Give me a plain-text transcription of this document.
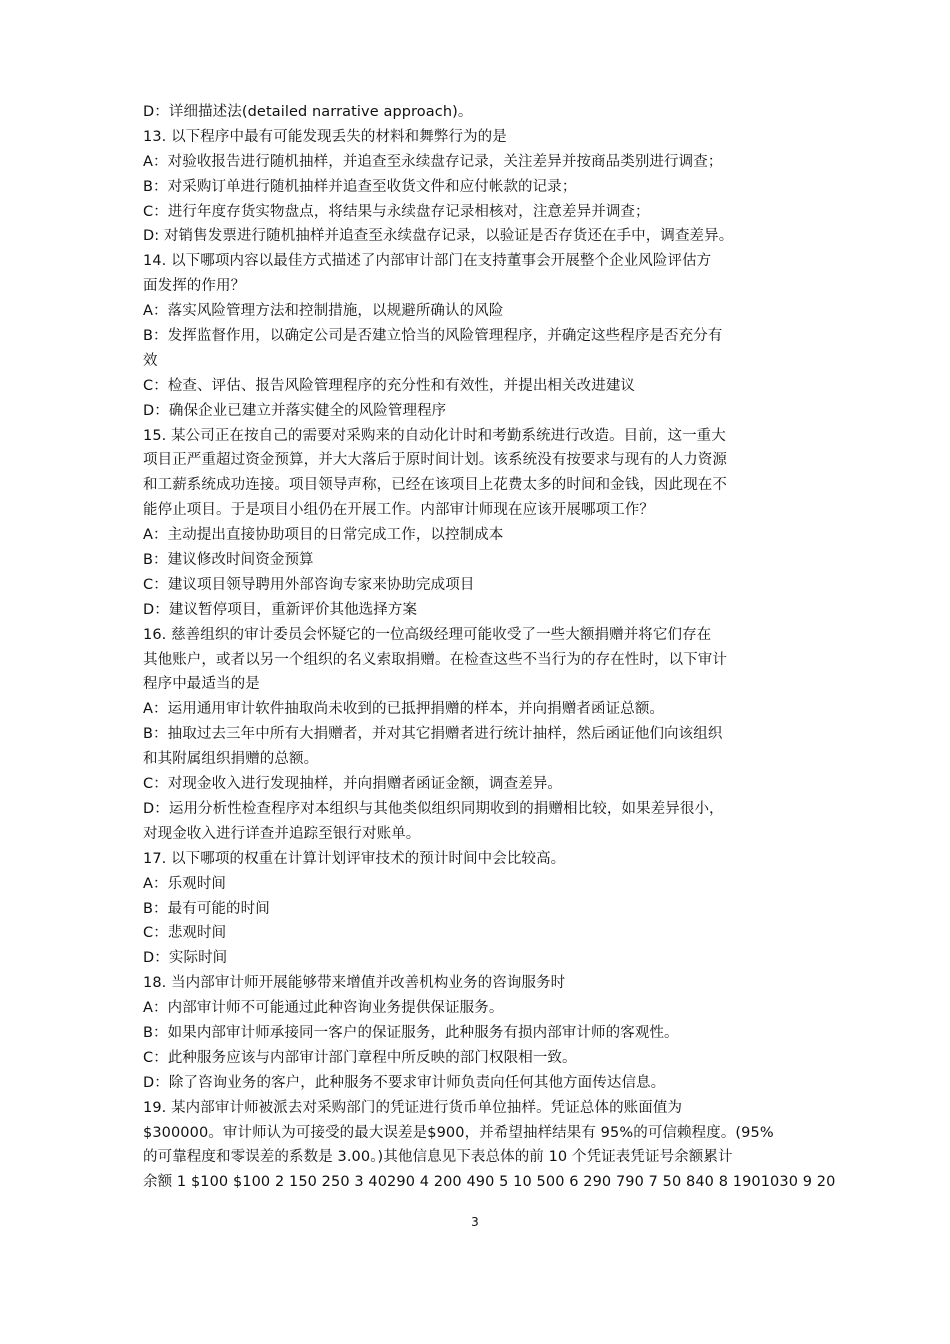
D：详细描述法(detailed narrative approach)。
13. 以下程序中最有可能发现丢失的材料和舞弊行为的是
A：对验收报告进行随机抽样，并追查至永续盘存记录，关注差异并按商品类别进行调查；
B：对采购订单进行随机抽样并追查至收货文件和应付帐款的记录；
C：进行年度存货实物盘点，将结果与永续盘存记录相核对，注意差异并调查；
D: 对销售发票进行随机抽样并追查至永续盘存记录，以验证是否存货还在手中，调查差异。
14. 以下哪项内容以最佳方式描述了内部审计部门在支持董事会开展整个企业风险评估方
面发挥的作用？
A：落实风险管理方法和控制措施，以规避所确认的风险
B：发挥监督作用，以确定公司是否建立恰当的风险管理程序，并确定这些程序是否充分有
效
C：检查、评估、报告风险管理程序的充分性和有效性，并提出相关改进建议
D：确保企业已建立并落实健全的风险管理程序
15. 某公司正在按自己的需要对采购来的自动化计时和考勤系统进行改造。目前，这一重大
项目正严重超过资金预算，并大大落后于原时间计划。该系统没有按要求与现有的人力资源
和工薪系统成功连接。项目领导声称，已经在该项目上花费太多的时间和金钱，因此现在不
能停止项目。于是项目小组仍在开展工作。内部审计师现在应该开展哪项工作？
A：主动提出直接协助项目的日常完成工作，以控制成本
B：建议修改时间资金预算
C：建议项目领导聘用外部咨询专家来协助完成项目
D：建议暂停项目，重新评价其他选择方案
16. 慈善组织的审计委员会怀疑它的一位高级经理可能收受了一些大额捐赠并将它们存在
其他账户，或者以另一个组织的名义索取捐赠。在检查这些不当行为的存在性时，以下审计
程序中最适当的是
A：运用通用审计软件抽取尚未收到的已抵押捐赠的样本，并向捐赠者函证总额。
B：抽取过去三年中所有大捐赠者，并对其它捐赠者进行统计抽样，然后函证他们向该组织
和其附属组织捐赠的总额。
C：对现金收入进行发现抽样，并向捐赠者函证金额，调查差异。
D：运用分析性检查程序对本组织与其他类似组织同期收到的捐赠相比较，如果差异很小，
对现金收入进行详查并追踪至银行对账单。
17. 以下哪项的权重在计算计划评审技术的预计时间中会比较高。
A：乐观时间
B：最有可能的时间
C：悲观时间
D：实际时间
18. 当内部审计师开展能够带来增值并改善机构业务的咨询服务时
A：内部审计师不可能通过此种咨询业务提供保证服务。
B：如果内部审计师承接同一客户的保证服务，此种服务有损内部审计师的客观性。
C：此种服务应该与内部审计部门章程中所反映的部门权限相一致。
D：除了咨询业务的客户，此种服务不要求审计师负责向任何其他方面传达信息。
19. 某内部审计师被派去对采购部门的凭证进行货币单位抽样。凭证总体的账面值为
$300000。审计师认为可接受的最大误差是$900，并希望抽样结果有 95%的可信赖程度。(95%
的可靠程度和零误差的系数是 3.00。)其他信息见下表总体的前 10 个凭证表凭证号余额累计
余额 1 $100 $100 2 150 250 3 40290 4 200 490 5 10 500 6 290 790 7 50 840 8 1901030 9 20
3
